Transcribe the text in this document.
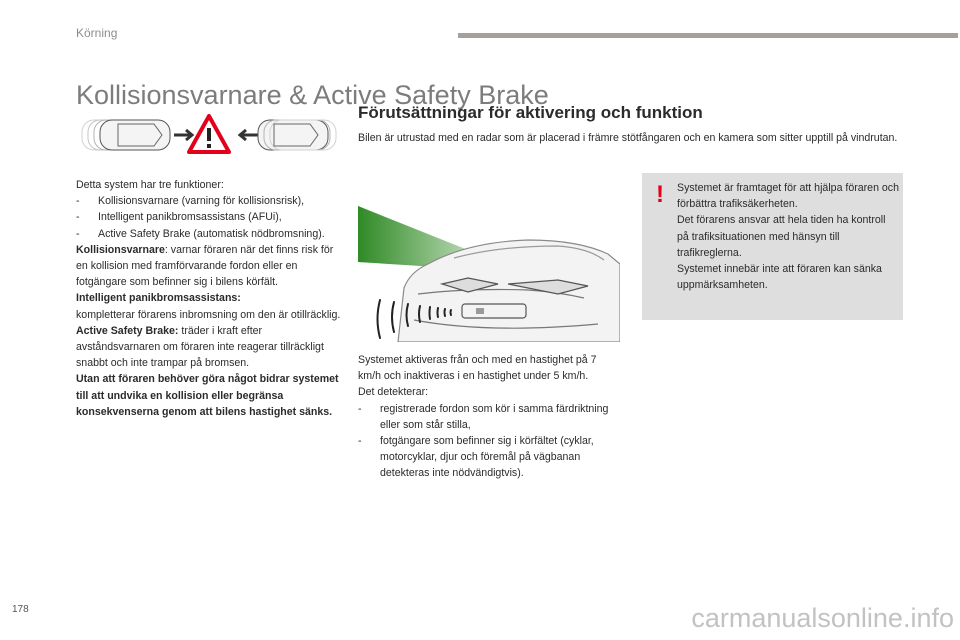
Körning
Kollisionsvarnare & Active Safety Brake

Detta system har tre funktioner:

-	Kollisionsvarnare (varning för kollisionsrisk),
-	Intelligent panikbromsassistans (AFUi),
-	Active Safety Brake (automatisk nödbromsning).

Kollisionsvarnare: varnar föraren när det finns risk för en kollision med framförvarande fordon eller en fotgängare som befinner sig i bilens körfält.

Intelligent panikbromsassistans:

kompletterar förarens inbromsning om den är otillräcklig.

Active Safety Brake: träder i kraft efter avståndsvarnaren om föraren inte reagerar tillräckligt snabbt och inte trampar på bromsen.

Utan att föraren behöver göra något bidrar systemet till att undvika en kollision eller begränsa konsekvenserna genom att bilens hastighet sänks.

Förutsättningar för aktivering och funktion

Bilen är utrustad med en radar som är placerad i främre stötfångaren och en kamera som sitter upptill på vindrutan.

Systemet aktiveras från och med en hastighet på 7 km/h och inaktiveras i en hastighet under 5 km/h.

Det detekterar:

-	registrerade fordon som kör i samma färdriktning eller som står stilla,
-	fotgängare som befinner sig i körfältet (cyklar, motorcyklar, djur och föremål på vägbanan detekteras inte nödvändigtvis).
! Systemet är framtaget för att hjälpa föraren och förbättra trafiksäkerheten.
Det förarens ansvar att hela tiden ha kontroll på trafiksituationen med hänsyn till trafikreglerna.
Systemet innebär inte att föraren kan sänka uppmärksamheten.
178	carmanualsonline.info
